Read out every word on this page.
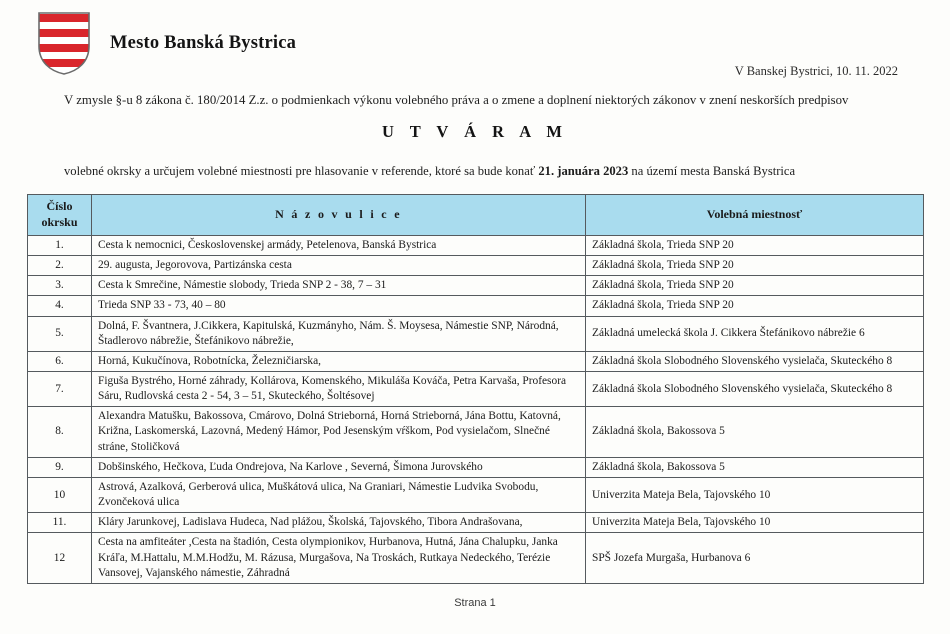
Mesto Banská Bystrica
V Banskej Bystrici, 10. 11. 2022
V zmysle §-u 8 zákona č. 180/2014 Z.z. o podmienkach výkonu volebného práva a o zmene a doplnení niektorých zákonov v znení neskorších predpisov
U T V Á R A M
volebné okrsky a určujem volebné miestnosti pre hlasovanie v referende, ktoré sa bude konať 21. januára 2023 na území mesta Banská Bystrica
Číslo
okrsku	N á z o v u l i c e	Volebná miestnosť
1.	Cesta k nemocnici, Československej armády, Petelenova, Banská Bystrica	Základná škola, Trieda SNP 20
2.	29. augusta, Jegorovova, Partizánska cesta	Základná škola, Trieda SNP 20
3.	Cesta k Smrečine, Námestie slobody, Trieda SNP 2 - 38, 7 – 31	Základná škola, Trieda SNP 20
4.	Trieda SNP 33 - 73, 40 – 80	Základná škola, Trieda SNP 20
5.	Dolná, F. Švantnera, J.Cikkera, Kapitulská, Kuzmányho, Nám. Š. Moysesa, Námestie SNP, Národná, Štadlerovo nábrežie, Štefánikovo nábrežie,	Základná umelecká škola J. Cikkera Štefánikovo nábrežie 6
6.	Horná, Kukučínova, Robotnícka, Železničiarska,	Základná škola Slobodného Slovenského vysielača, Skuteckého 8
7.	Figuša Bystrého, Horné záhrady, Kollárova, Komenského, Mikuláša Kováča, Petra Karvaša, Profesora Sáru, Rudlovská cesta 2 - 54, 3 – 51, Skuteckého, Šoltésovej	Základná škola Slobodného Slovenského vysielača, Skuteckého 8
8.	Alexandra Matušku, Bakossova, Cmárovo, Dolná Strieborná, Horná Strieborná, Jána Bottu, Katovná, Križna, Laskomerská, Lazovná, Medený Hámor, Pod Jesenským vŕškom, Pod vysielačom, Slnečné stráne, Stoličková	Základná škola, Bakossova 5
9.	Dobšinského, Hečkova, Ľuda Ondrejova, Na Karlove , Severná, Šimona Jurovského	Základná škola, Bakossova 5
10	Astrová, Azalková, Gerberová ulica, Muškátová ulica, Na Graniari, Námestie Ludvika Svobodu, Zvončeková ulica	Univerzita Mateja Bela, Tajovského 10
11.	Kláry Jarunkovej, Ladislava Hudeca, Nad plážou, Školská, Tajovského, Tibora Andrašovana,	Univerzita Mateja Bela, Tajovského 10
12	Cesta na amfiteáter ,Cesta na štadión, Cesta olympionikov, Hurbanova, Hutná, Jána Chalupku, Janka Kráľa, M.Hattalu, M.M.Hodžu, M. Rázusa, Murgašova, Na Troskách, Rutkaya Nedeckého, Terézie Vansovej, Vajanského námestie, Záhradná	SPŠ Jozefa Murgaša, Hurbanova 6
Strana 1
